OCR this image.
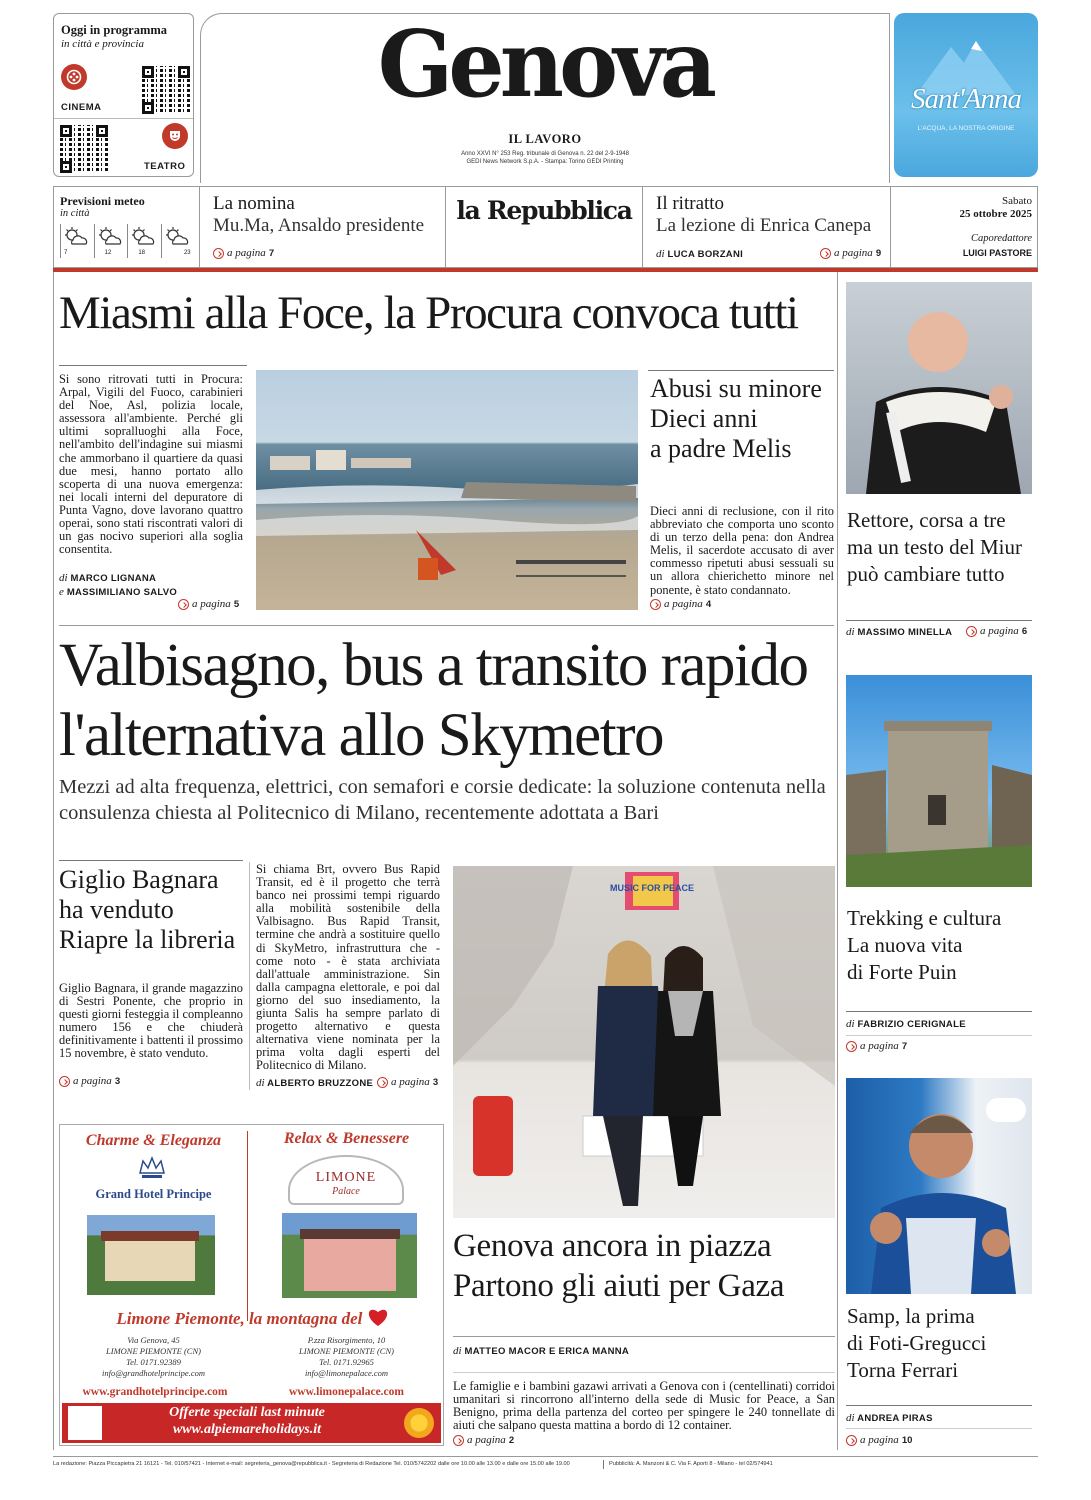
Oggi in programma
in città e provincia
CINEMA
TEATRO
Genova
IL LAVORO
Anno XXVI N° 253 Reg. tribunale di Genova n. 22 del 2-9-1948
GEDI News Network S.p.A. - Stampa: Torino GEDI Printing
Sant'Anna
L'ACQUA, LA NOSTRA ORIGINE
Previsioni meteo
in città
7	12	18	23
La nomina
Mu.Ma, Ansaldo presidente
a pagina 7
la Repubblica	Il ritratto
La lezione di Enrica Canepa
di LUCA BORZANI	a pagina 9
Sabato
25 ottobre 2025
Caporedattore
LUIGI PASTORE
Miasmi alla Foce, la Procura convoca tutti
Si sono ritrovati tutti in Procura: Arpal, Vigili del Fuoco, carabinieri del Noe, Asl, polizia locale, assessora all'ambiente. Perché gli ultimi sopralluoghi alla Foce, nell'ambito dell'indagine sui miasmi che ammorbano il quartiere da quasi due mesi, hanno portato allo scoperta di una nuova emergenza: nei locali interni del depuratore di Punta Vagno, dove lavorano quattro operai, sono stati riscontrati valori di un gas nocivo superiori alla soglia consentita.
di MARCO LIGNANA
e MASSIMILIANO SALVO
a pagina 5
Abusi su minore
Dieci anni
a padre Melis
Dieci anni di reclusione, con il rito abbreviato che comporta uno sconto di un terzo della pena: don Andrea Melis, il sacerdote accusato di aver commesso ripetuti abusi sessuali su un allora chierichetto minore nel ponente, è stato condannato.
a pagina 4
Valbisagno, bus a transito rapido
l'alternativa allo Skymetro
Mezzi ad alta frequenza, elettrici, con semafori e corsie dedicate: la soluzione contenuta nella consulenza chiesta al Politecnico di Milano, recentemente adottata a Bari
Giglio Bagnara
ha venduto
Riapre la libreria
Giglio Bagnara, il grande magazzino di Sestri Ponente, che proprio in questi giorni festeggia il compleanno numero 156 e che chiuderà definitivamente i battenti il prossimo 15 novembre, è stato venduto.
a pagina 3
Si chiama Brt, ovvero Bus Rapid Transit, ed è il progetto che terrà banco nei prossimi tempi riguardo alla mobilità sostenibile della Valbisagno. Bus Rapid Transit, termine che andrà a sostituire quello di SkyMetro, infrastruttura che - come noto - è stata archiviata dall'attuale amministrazione. Sin dalla campagna elettorale, e poi dal giorno del suo insediamento, la giunta Salis ha sempre parlato di progetto alternativo e questa alternativa viene nominata per la prima volta dagli esperti del Politecnico di Milano.
di ALBERTO BRUZZONE a pagina 3
MUSIC FOR PEACE
Genova ancora in piazza
Partono gli aiuti per Gaza
di MATTEO MACOR E ERICA MANNA
Le famiglie e i bambini gazawi arrivati a Genova con i (centellinati) corridoi umanitari si rincorrono all'interno della sede di Music for Peace, a San Benigno, prima della partenza del corteo per spingere le 240 tonnellate di aiuti che salpano questa mattina a bordo di 12 container.
a pagina 2
Charme & Eleganza	Relax & Benessere
Grand Hotel Principe
LIMONE
Palace
Limone Piemonte, la montagna del
Via Genova, 45
LIMONE PIEMONTE (CN)
Tel. 0171.92389
info@grandhotelprincipe.com
P.zza Risorgimento, 10
LIMONE PIEMONTE (CN)
Tel. 0171.92965
info@limonepalace.com
www.grandhotelprincipe.com	www.limonepalace.com
Offerte speciali last minute
www.alpiemareholidays.it
Rettore, corsa a tre
ma un testo del Miur
può cambiare tutto
di MASSIMO MINELLA	a pagina 6
Trekking e cultura
La nuova vita
di Forte Puin
di FABRIZIO CERIGNALE
a pagina 7
Samp, la prima
di Foti-Gregucci
Torna Ferrari
di ANDREA PIRAS
a pagina 10
La redazione: Piazza Piccapietra 21 16121 - Tel. 010/57421 - Internet e-mail: segreteria_genova@repubblica.it - Segreteria di Redazione Tel. 010/5742202 dalle ore 10.00 alle 13.00 e dalle ore 15.00 alle 19.00	Pubblicità: A. Manzoni & C. Via F. Aporti 8 - Milano - tel 02/574941
